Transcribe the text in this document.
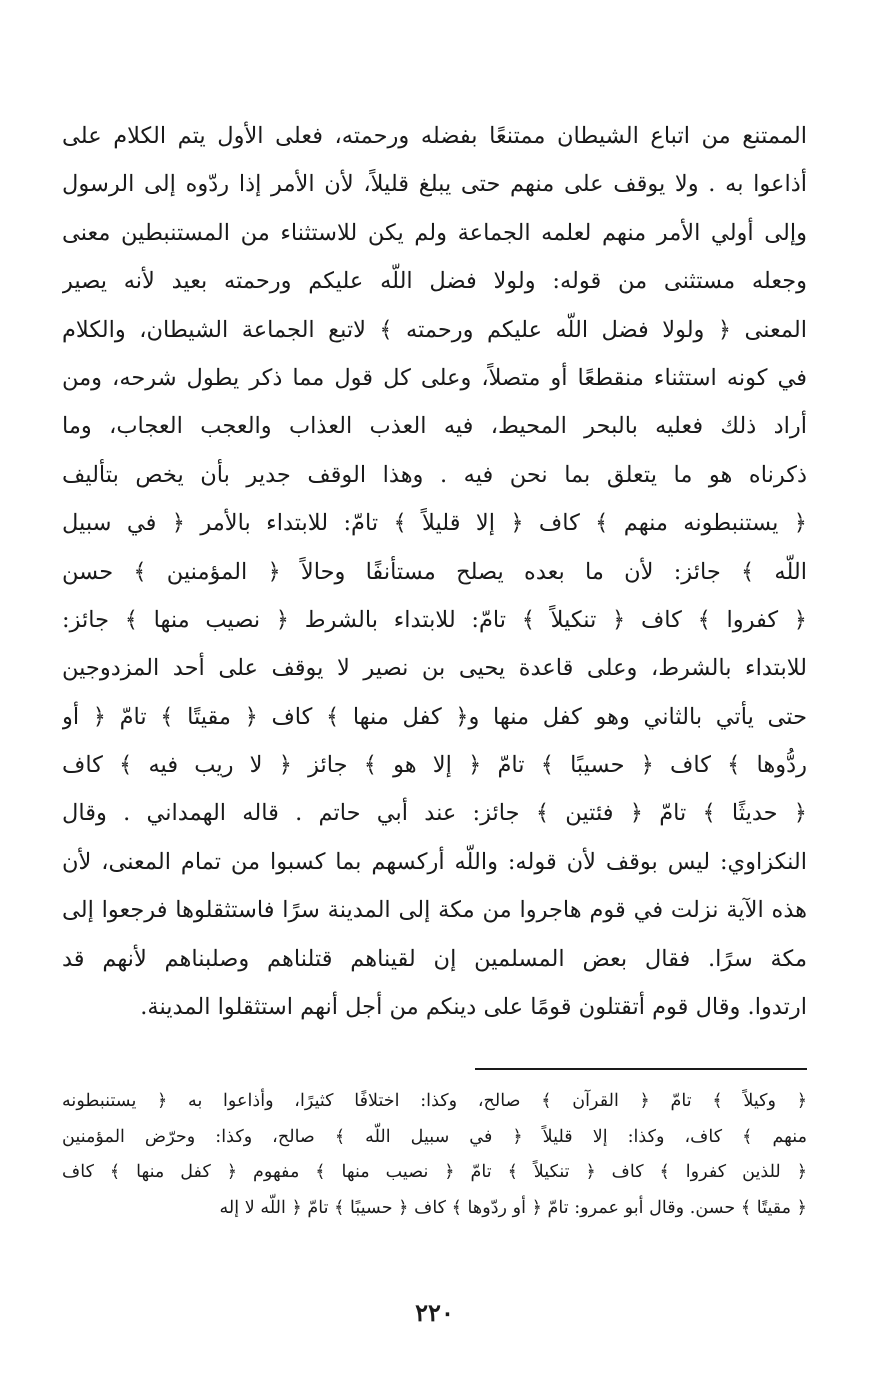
الممتنع من اتباع الشيطان ممتنعًا بفضله ورحمته، فعلى الأول يتم الكلام على
أذاعوا به . ولا يوقف على منهم حتى يبلغ قليلاً، لأن الأمر إذا ردّوه إلى الرسول
وإلى أولي الأمر منهم لعلمه الجماعة ولم يكن للاستثناء من المستنبطين معنى
وجعله مستثنى من قوله: ولولا فضل اللّه عليكم ورحمته بعيد لأنه يصير
المعنى ﴿ ولولا فضل اللّه عليكم ورحمته ﴾ لاتبع الجماعة الشيطان، والكلام
في كونه استثناء منقطعًا أو متصلاً، وعلى كل قول مما ذكر يطول شرحه، ومن
أراد ذلك فعليه بالبحر المحيط، فيه العذب العذاب والعجب العجاب، وما
ذكرناه هو ما يتعلق بما نحن فيه . وهذا الوقف جدير بأن يخص بتأليف
﴿ يستنبطونه منهم ﴾ كاف ﴿ إلا قليلاً ﴾ تامّ: للابتداء بالأمر ﴿ في سبيل
اللّه ﴾ جائز: لأن ما بعده يصلح مستأنفًا وحالاً ﴿ المؤمنين ﴾ حسن
﴿ كفروا ﴾ كاف ﴿ تنكيلاً ﴾ تامّ: للابتداء بالشرط ﴿ نصيب منها ﴾ جائز:
للابتداء بالشرط، وعلى قاعدة يحيى بن نصير لا يوقف على أحد المزدوجين
حتى يأتي بالثاني وهو كفل منها و﴿ كفل منها ﴾ كاف ﴿ مقيتًا ﴾ تامّ ﴿ أو
ردُّوها ﴾ كاف ﴿ حسيبًا ﴾ تامّ ﴿ إلا هو ﴾ جائز ﴿ لا ريب فيه ﴾ كاف
﴿ حديثًا ﴾ تامّ ﴿ فئتين ﴾ جائز: عند أبي حاتم . قاله الهمداني . وقال
النكزاوي: ليس بوقف لأن قوله: واللّه أركسهم بما كسبوا من تمام المعنى، لأن
هذه الآية نزلت في قوم هاجروا من مكة إلى المدينة سرًا فاستثقلوها فرجعوا إلى
مكة سرًا. فقال بعض المسلمين إن لقيناهم قتلناهم وصلبناهم لأنهم قد
ارتدوا. وقال قوم أتقتلون قومًا على دينكم من أجل أنهم استثقلوا المدينة.
﴿ وكيلاً ﴾ تامّ ﴿ القرآن ﴾ صالح، وكذا: اختلافًا كثيرًا، وأذاعوا به ﴿ يستنبطونه
منهم ﴾ كاف، وكذا: إلا قليلاً ﴿ في سبيل اللّه ﴾ صالح، وكذا: وحرّض المؤمنين
﴿ للذين كفروا ﴾ كاف ﴿ تنكيلاً ﴾ تامّ ﴿ نصيب منها ﴾ مفهوم ﴿ كفل منها ﴾ كاف
﴿ مقيتًا ﴾ حسن. وقال أبو عمرو: تامّ ﴿ أو ردّوها ﴾ كاف ﴿ حسيبًا ﴾ تامّ ﴿ اللّه لا إله
٢٢٠
